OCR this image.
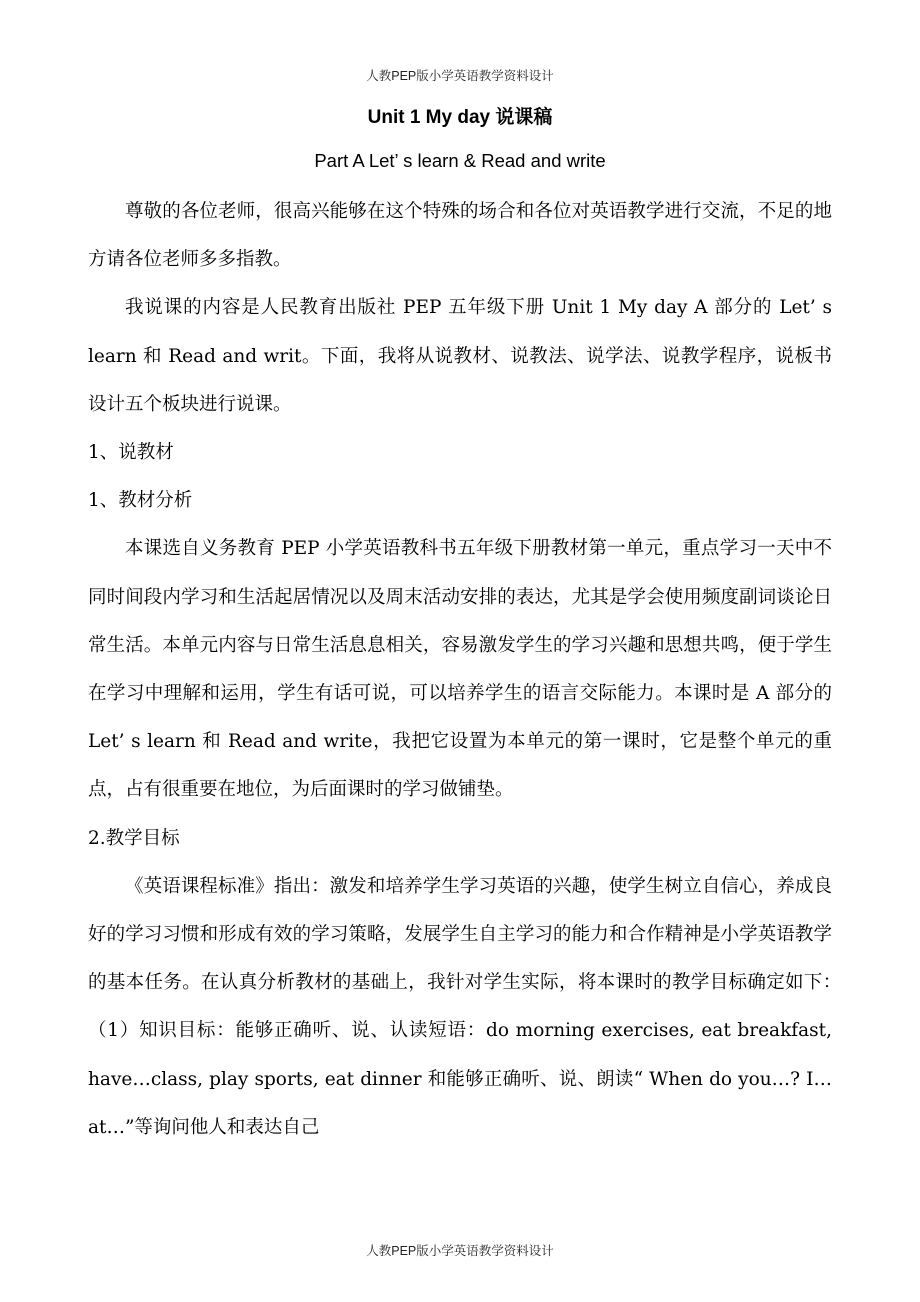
人教PEP版小学英语教学资料设计
Unit 1 My day 说课稿
Part A Let’ s learn & Read and write

尊敬的各位老师，很高兴能够在这个特殊的场合和各位对英语教学进行交流，不足的地方请各位老师多多指教。

我说课的内容是人民教育出版社 PEP 五年级下册 Unit 1 My day A 部分的 Let’ s learn 和 Read and writ。下面，我将从说教材、说教法、说学法、说教学程序，说板书设计五个板块进行说课。

1、说教材

1、教材分析

本课选自义务教育 PEP 小学英语教科书五年级下册教材第一单元，重点学习一天中不同时间段内学习和生活起居情况以及周末活动安排的表达，尤其是学会使用频度副词谈论日常生活。本单元内容与日常生活息息相关，容易激发学生的学习兴趣和思想共鸣，便于学生在学习中理解和运用，学生有话可说，可以培养学生的语言交际能力。本课时是 A 部分的 Let’ s learn 和 Read and write，我把它设置为本单元的第一课时，它是整个单元的重点，占有很重要在地位，为后面课时的学习做铺垫。

2.教学目标

《英语课程标准》指出：激发和培养学生学习英语的兴趣，使学生树立自信心，养成良好的学习习惯和形成有效的学习策略，发展学生自主学习的能力和合作精神是小学英语教学的基本任务。在认真分析教材的基础上，我针对学生实际，将本课时的教学目标确定如下：　（1）知识目标：能够正确听、说、认读短语：do morning exercises, eat breakfast, have…class, play sports, eat dinner 和能够正确听、说、朗读“ When do you…? I…at…”等询问他人和表达自己

人教PEP版小学英语教学资料设计
